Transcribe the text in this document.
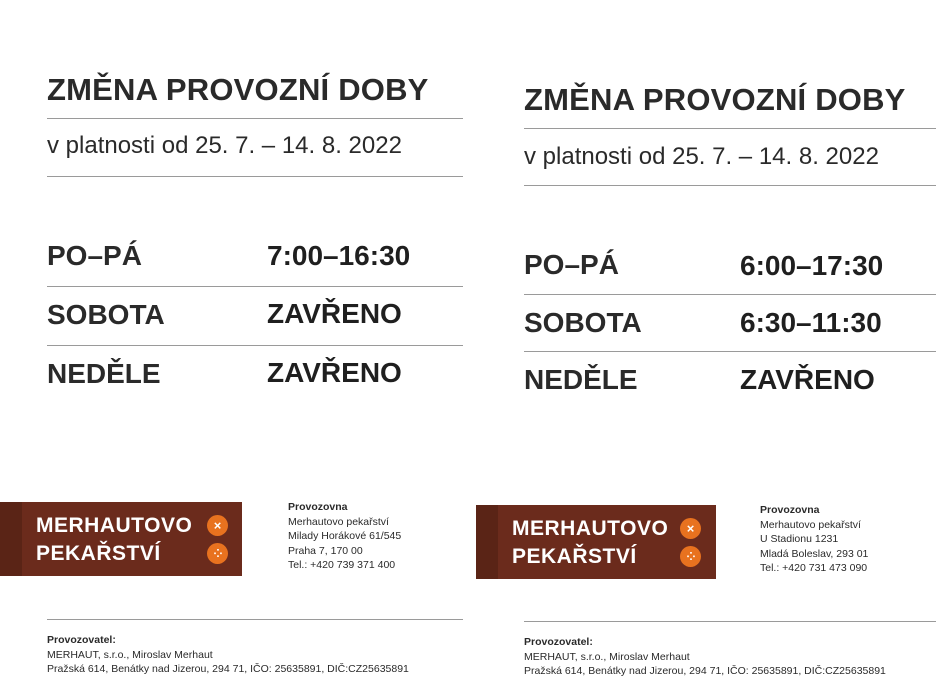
ZMĚNA PROVOZNÍ DOBY
v platnosti od 25. 7. – 14. 8. 2022
PO–PÁ	7:00–16:30
SOBOTA	ZAVŘENO
NEDĚLE	ZAVŘENO
MERHAUTOVO
PEKAŘSTVÍ
×
⁘
Provozovna
Merhautovo pekařství
Milady Horákové 61/545
Praha 7, 170 00
Tel.: +420 739 371 400
Provozovatel:
MERHAUT, s.r.o., Miroslav Merhaut
Pražská 614, Benátky nad Jizerou, 294 71, IČO: 25635891, DIČ:CZ25635891
ZMĚNA PROVOZNÍ DOBY
v platnosti od 25. 7. – 14. 8. 2022
PO–PÁ	6:00–17:30
SOBOTA	6:30–11:30
NEDĚLE	ZAVŘENO
MERHAUTOVO
PEKAŘSTVÍ
×
⁘
Provozovna
Merhautovo pekařství
U Stadionu 1231
Mladá Boleslav, 293 01
Tel.: +420 731 473 090
Provozovatel:
MERHAUT, s.r.o., Miroslav Merhaut
Pražská 614, Benátky nad Jizerou, 294 71, IČO: 25635891, DIČ:CZ25635891
